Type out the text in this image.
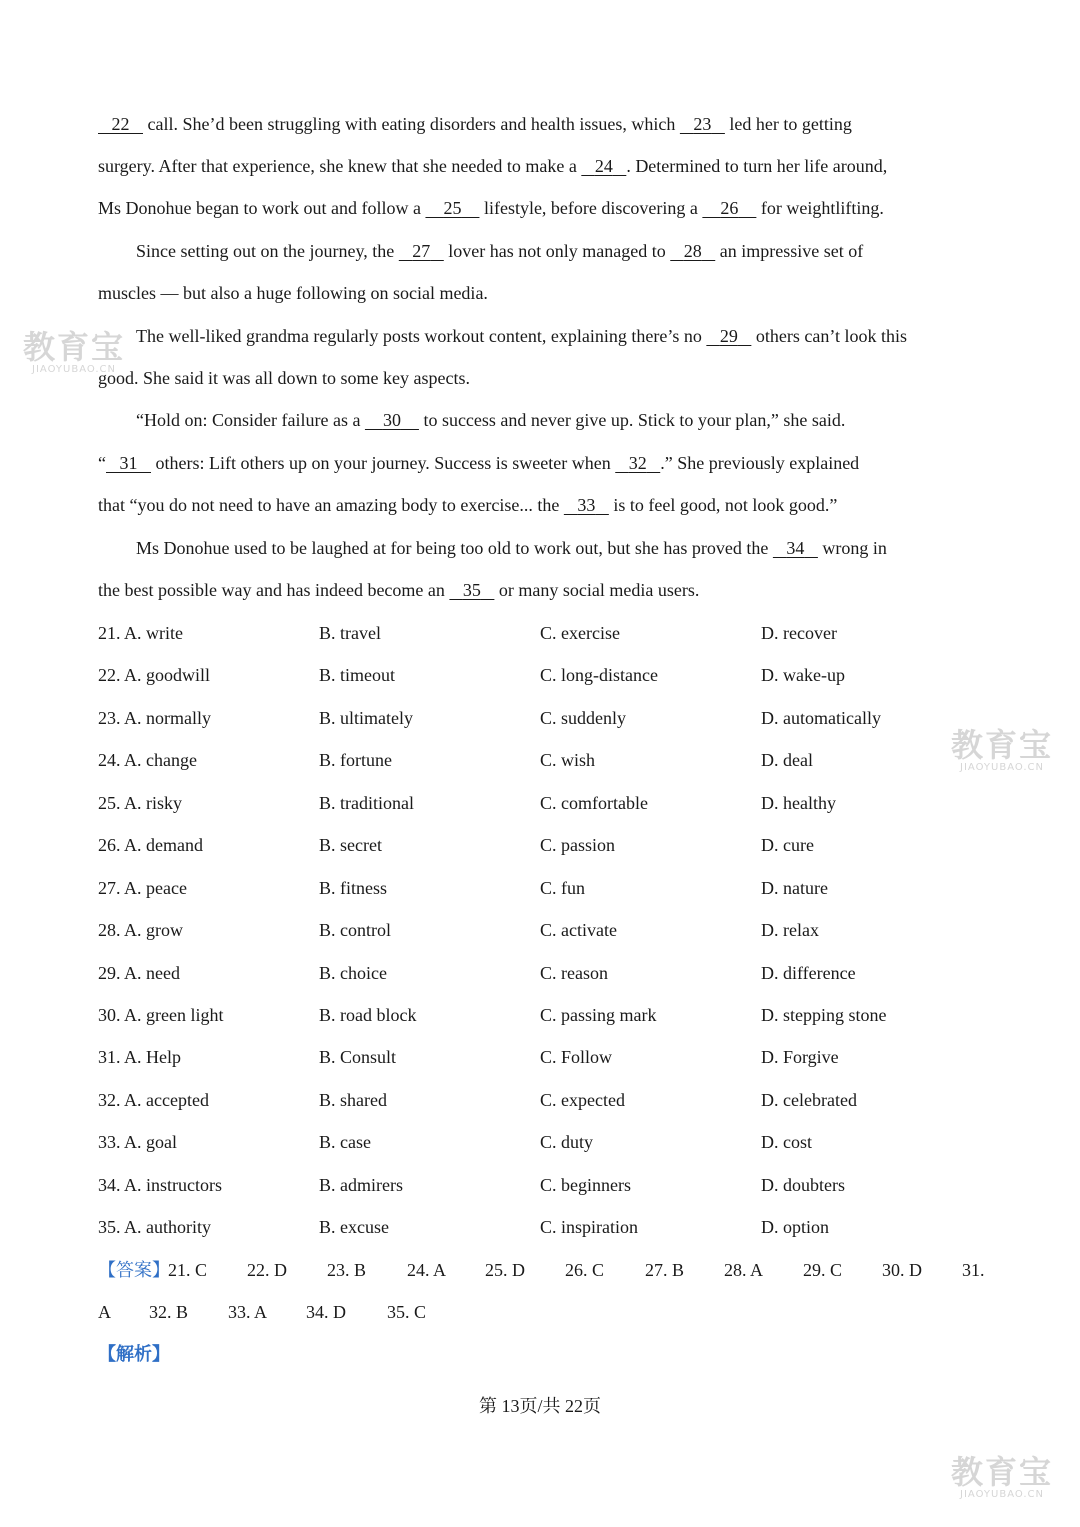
22    call. She’d been struggling with eating disorders and health issues, which    23    led her to getting
surgery. After that experience, she knew that she needed to make a    24 . Determined to turn her life around,
Ms Donohue began to work out and follow a     25     lifestyle, before discovering a     26     for weightlifting.
Since setting out on the journey, the    27    lover has not only managed to    28    an impressive set of
muscles — but also a huge following on social media.
The well-liked grandma regularly posts workout content, explaining there’s no    29    others can’t look this
good. She said it was all down to some key aspects.
“Hold on: Consider failure as a     30     to success and never give up. Stick to your plan,” she said.
“ 31    others: Lift others up on your journey. Success is sweeter when    32 .” She previously explained
that “you do not need to have an amazing body to exercise... the    33    is to feel good, not look good.”
Ms Donohue used to be laughed at for being too old to work out, but she has proved the    34    wrong in
the best possible way and has indeed become an    35    or many social media users.
21. A. write	B. travel	C. exercise	D. recover
22. A. goodwill	B. timeout	C. long-distance	D. wake-up
23. A. normally	B. ultimately	C. suddenly	D. automatically
24. A. change	B. fortune	C. wish	D. deal
25. A. risky	B. traditional	C. comfortable	D. healthy
26. A. demand	B. secret	C. passion	D. cure
27. A. peace	B. fitness	C. fun	D. nature
28. A. grow	B. control	C. activate	D. relax
29. A. need	B. choice	C. reason	D. difference
30. A. green light	B. road block	C. passing mark	D. stepping stone
31. A. Help	B. Consult	C. Follow	D. Forgive
32. A. accepted	B. shared	C. expected	D. celebrated
33. A. goal	B. case	C. duty	D. cost
34. A. instructors	B. admirers	C. beginners	D. doubters
35. A. authority	B. excuse	C. inspiration	D. option
【答案】
21. C 22. D 23. B 24. A 25. D 26. C 27. B 28. A 29. C 30. D 31.
A 32. B 33. A 34. D 35. C
【解析】
第 13页/共 22页
教育宝
JIAOYUBAO.CN
教育宝
JIAOYUBAO.CN
教育宝
JIAOYUBAO.CN
